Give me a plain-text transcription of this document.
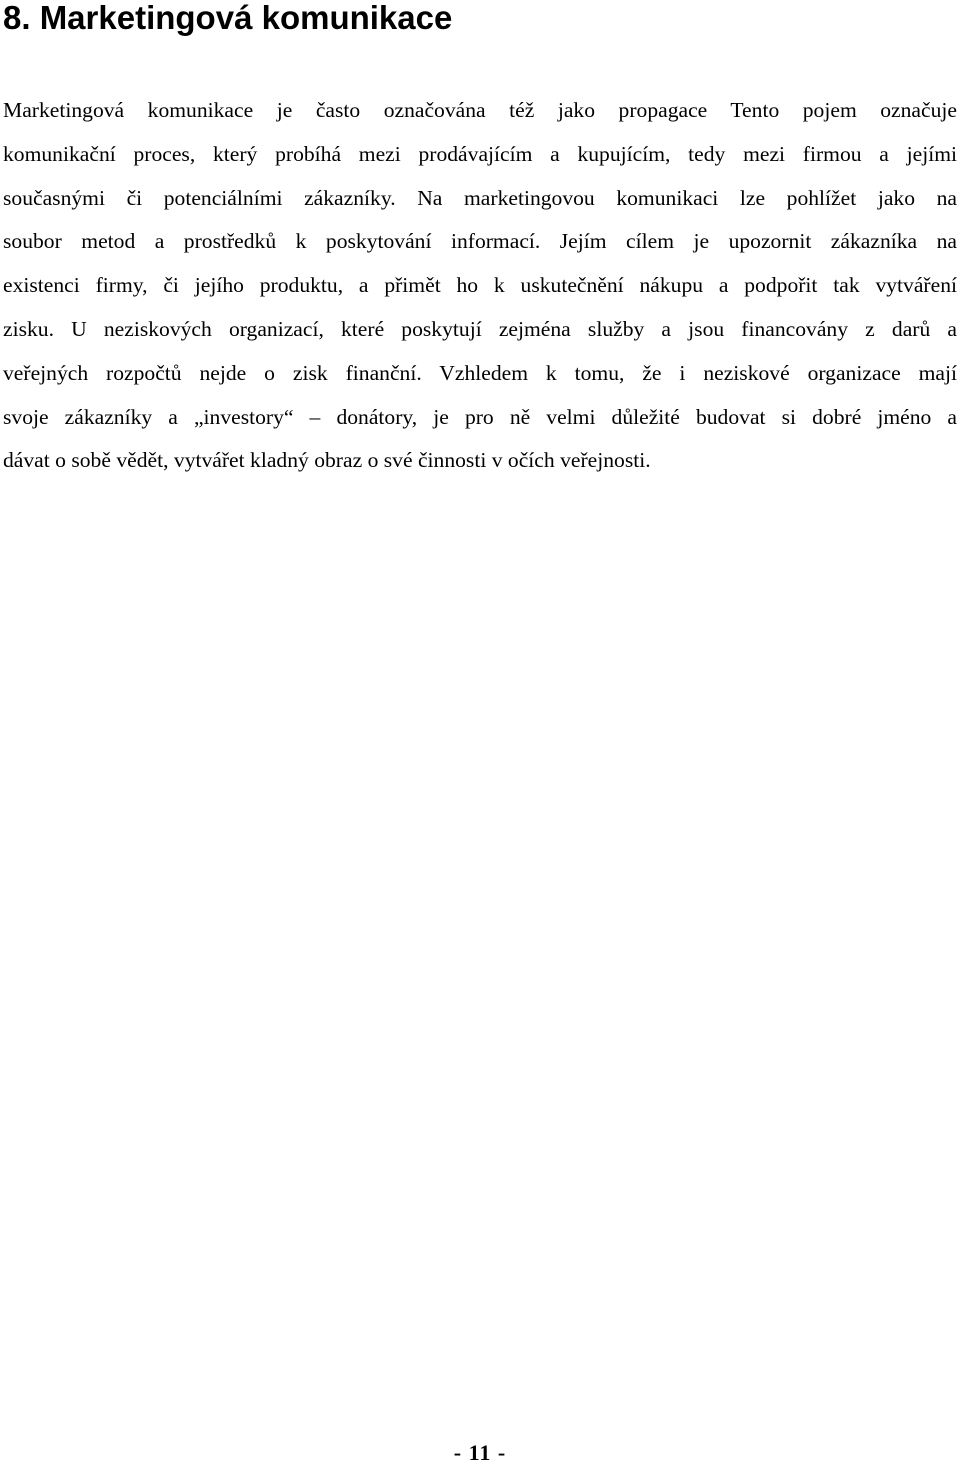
8. Marketingová komunikace
Marketingová komunikace je často označována též jako propagace Tento pojem označuje
komunikační proces, který probíhá mezi prodávajícím a kupujícím, tedy mezi firmou a jejími
současnými či potenciálními zákazníky. Na marketingovou komunikaci lze pohlížet jako na
soubor metod a prostředků k poskytování informací. Jejím cílem je upozornit zákazníka na
existenci firmy, či jejího produktu, a přimět ho k uskutečnění nákupu a podpořit tak vytváření
zisku. U neziskových organizací, které poskytují zejména služby a jsou financovány z darů a
veřejných rozpočtů nejde o zisk finanční. Vzhledem k tomu, že i neziskové organizace mají
svoje zákazníky a „investory“ – donátory, je pro ně velmi důležité budovat si dobré jméno a
dávat o sobě vědět, vytvářet kladný obraz o své činnosti v očích veřejnosti.

- 11 -
